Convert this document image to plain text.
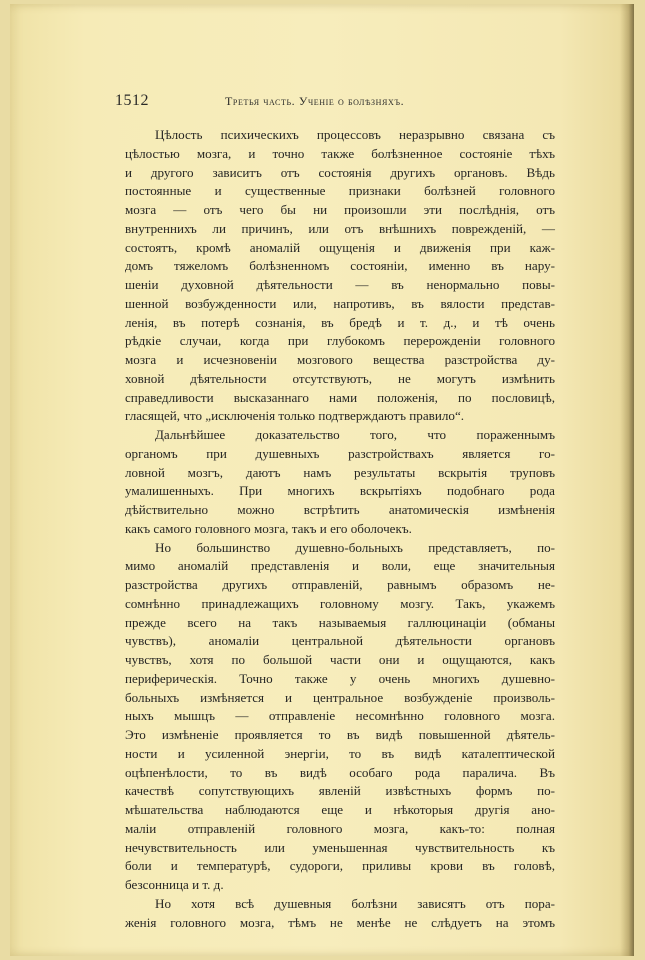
1512	Третья часть. Ученіе о болѣзняхъ.
Цѣлость психическихъ процессовъ неразрывно связана съ
цѣлостью мозга, и точно также болѣзненное состояніе тѣхъ
и другого зависитъ отъ состоянія другихъ органовъ. Вѣдь
постоянные и существенные признаки болѣзней головного
мозга — отъ чего бы ни произошли эти послѣднія, отъ
внутреннихъ ли причинъ, или отъ внѣшнихъ поврежденій, —
состоятъ, кромѣ аномалій ощущенія и движенія при каж-
домъ тяжеломъ болѣзненномъ состояніи, именно въ нару-
шеніи духовной дѣятельности — въ ненормально повы-
шенной возбужденности или, напротивъ, въ вялости представ-
ленія, въ потерѣ сознанія, въ бредѣ и т. д., и тѣ очень
рѣдкіе случаи, когда при глубокомъ перерожденіи головного
мозга и исчезновеніи мозгового вещества разстройства ду-
ховной дѣятельности отсутствуютъ, не могутъ измѣнить
справедливости высказаннаго нами положенія, по пословицѣ,
гласящей, что „исключенія только подтверждаютъ правило“.
Дальнѣйшее доказательство того, что пораженнымъ
органомъ при душевныхъ разстройствахъ является го-
ловной мозгъ, даютъ намъ результаты вскрытія труповъ
умалишенныхъ. При многихъ вскрытіяхъ подобнаго рода
дѣйствительно можно встрѣтить анатомическія измѣненія
какъ самого головного мозга, такъ и его оболочекъ.
Но большинство душевно-больныхъ представляетъ, по-
мимо аномалій представленія и воли, еще значительныя
разстройства другихъ отправленій, равнымъ образомъ не-
сомнѣнно принадлежащихъ головному мозгу. Такъ, укажемъ
прежде всего на такъ называемыя галлюцинаціи (обманы
чувствъ), аномаліи центральной дѣятельности органовъ
чувствъ, хотя по большой части они и ощущаются, какъ
периферическія. Точно также у очень многихъ душевно-
больныхъ измѣняется и центральное возбужденіе произволь-
ныхъ мышцъ — отправленіе несомнѣнно головного мозга.
Это измѣненіе проявляется то въ видѣ повышенной дѣятель-
ности и усиленной энергіи, то въ видѣ каталептической
оцѣпенѣлости, то въ видѣ особаго рода паралича. Въ
качествѣ сопутствующихъ явленій извѣстныхъ формъ по-
мѣшательства наблюдаются еще и нѣкоторыя другія ано-
маліи отправленій головного мозга, какъ-то: полная
нечувствительность или уменьшенная чувствительность къ
боли и температурѣ, судороги, приливы крови въ головѣ,
безсонница и т. д.
Но хотя всѣ душевныя болѣзни зависятъ отъ пора-
женія головного мозга, тѣмъ не менѣе не слѣдуетъ на этомъ
